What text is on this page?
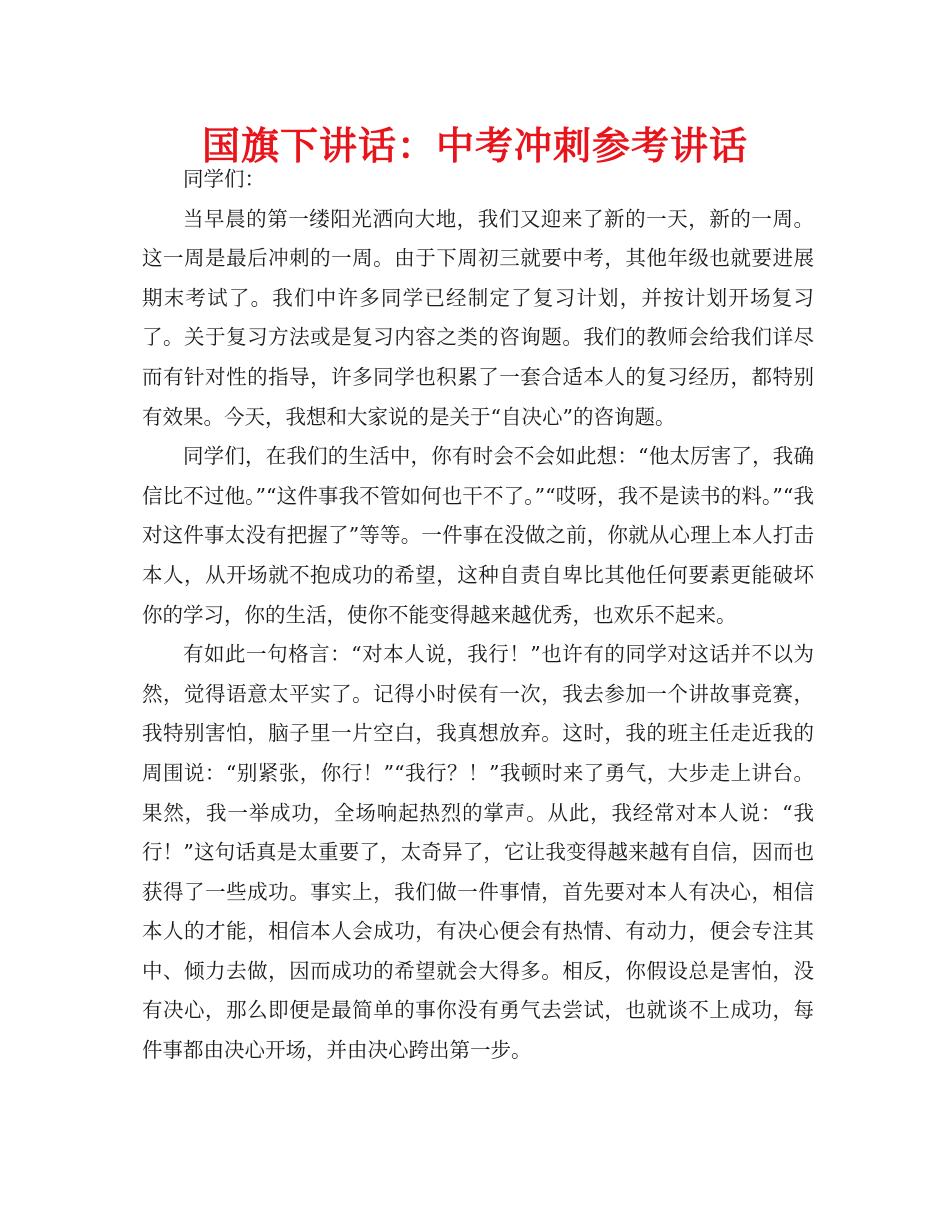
国旗下讲话：中考冲刺参考讲话

同学们：

当早晨的第一缕阳光洒向大地，我们又迎来了新的一天，新的一周。这一周是最后冲刺的一周。由于下周初三就要中考，其他年级也就要进展期末考试了。我们中许多同学已经制定了复习计划，并按计划开场复习了。关于复习方法或是复习内容之类的咨询题。我们的教师会给我们详尽而有针对性的指导，许多同学也积累了一套合适本人的复习经历，都特别有效果。今天，我想和大家说的是关于“自决心”的咨询题。

同学们，在我们的生活中，你有时会不会如此想：“他太厉害了，我确信比不过他。”“这件事我不管如何也干不了。”“哎呀，我不是读书的料。”“我对这件事太没有把握了”等等。一件事在没做之前，你就从心理上本人打击本人，从开场就不抱成功的希望，这种自责自卑比其他任何要素更能破坏你的学习，你的生活，使你不能变得越来越优秀，也欢乐不起来。

有如此一句格言：“对本人说，我行！”也许有的同学对这话并不以为然，觉得语意太平实了。记得小时侯有一次，我去参加一个讲故事竞赛，我特别害怕，脑子里一片空白，我真想放弃。这时，我的班主任走近我的周围说：“别紧张，你行！”“我行？！”我顿时来了勇气，大步走上讲台。果然，我一举成功，全场响起热烈的掌声。从此，我经常对本人说：“我行！”这句话真是太重要了，太奇异了，它让我变得越来越有自信，因而也获得了一些成功。事实上，我们做一件事情，首先要对本人有决心，相信本人的才能，相信本人会成功，有决心便会有热情、有动力，便会专注其中、倾力去做，因而成功的希望就会大得多。相反，你假设总是害怕，没有决心，那么即便是最简单的事你没有勇气去尝试，也就谈不上成功，每件事都由决心开场，并由决心跨出第一步。
